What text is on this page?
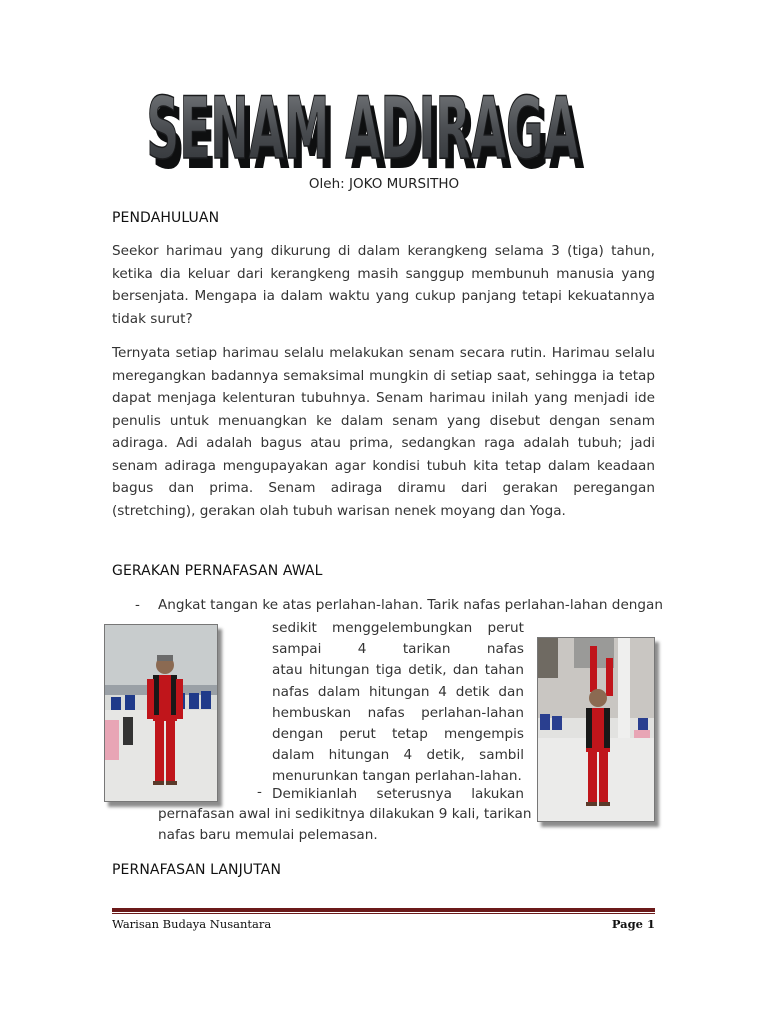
SENAM ADIRAGA
SENAM ADIRAGA
Oleh: JOKO MURSITHO
PENDAHULUAN

Seekor harimau yang dikurung di dalam kerangkeng selama 3 (tiga) tahun, ketika dia keluar dari kerangkeng masih sanggup membunuh manusia yang bersenjata. Mengapa ia dalam waktu yang cukup panjang tetapi kekuatannya tidak surut?

Ternyata setiap harimau selalu melakukan senam secara rutin. Harimau selalu meregangkan badannya semaksimal mungkin di setiap saat, sehingga ia tetap dapat menjaga kelenturan tubuhnya. Senam harimau inilah yang menjadi ide penulis untuk menuangkan ke dalam senam yang disebut dengan senam adiraga. Adi adalah bagus atau prima, sedangkan raga adalah tubuh; jadi senam adiraga mengupayakan agar kondisi tubuh kita tetap dalam keadaan bagus dan prima. Senam adiraga diramu dari gerakan peregangan (stretching), gerakan olah tubuh warisan nenek moyang dan Yoga.

GERAKAN PERNAFASAN AWAL
- Angkat tangan ke atas perlahan-lahan. Tarik nafas perlahan-lahan dengan
sedikit menggelembungkan perut sampai 4 tarikan nafas
atau hitungan tiga detik, dan tahan
nafas dalam hitungan 4 detik dan
hembuskan nafas perlahan-lahan
dengan perut tetap mengempis
dalam hitungan 4 detik, sambil
menurunkan tangan perlahan-lahan.
- Demikianlah seterusnya lakukan
pernafasan awal ini sedikitnya dilakukan 9 kali, tarikan
nafas baru memulai pelemasan.
PERNAFASAN LANJUTAN
Warisan Budaya Nusantara	Page 1
